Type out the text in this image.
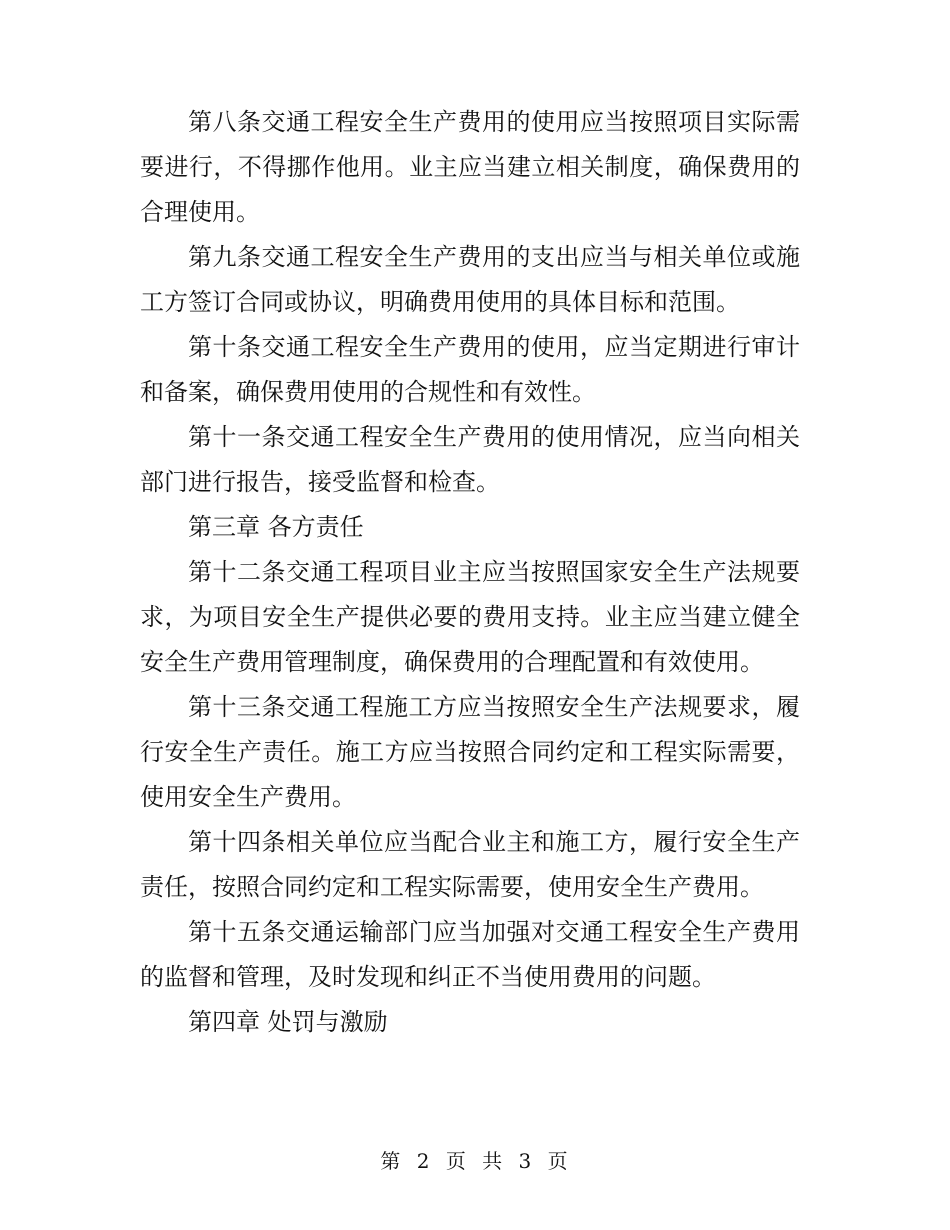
第八条交通工程安全生产费用的使用应当按照项目实际需要进行，不得挪作他用。业主应当建立相关制度，确保费用的合理使用。

第九条交通工程安全生产费用的支出应当与相关单位或施工方签订合同或协议，明确费用使用的具体目标和范围。

第十条交通工程安全生产费用的使用，应当定期进行审计和备案，确保费用使用的合规性和有效性。

第十一条交通工程安全生产费用的使用情况，应当向相关部门进行报告，接受监督和检查。

第三章 各方责任

第十二条交通工程项目业主应当按照国家安全生产法规要求，为项目安全生产提供必要的费用支持。业主应当建立健全安全生产费用管理制度，确保费用的合理配置和有效使用。

第十三条交通工程施工方应当按照安全生产法规要求，履行安全生产责任。施工方应当按照合同约定和工程实际需要，使用安全生产费用。

第十四条相关单位应当配合业主和施工方，履行安全生产责任，按照合同约定和工程实际需要，使用安全生产费用。

第十五条交通运输部门应当加强对交通工程安全生产费用的监督和管理，及时发现和纠正不当使用费用的问题。

第四章 处罚与激励

第 2 页 共 3 页
